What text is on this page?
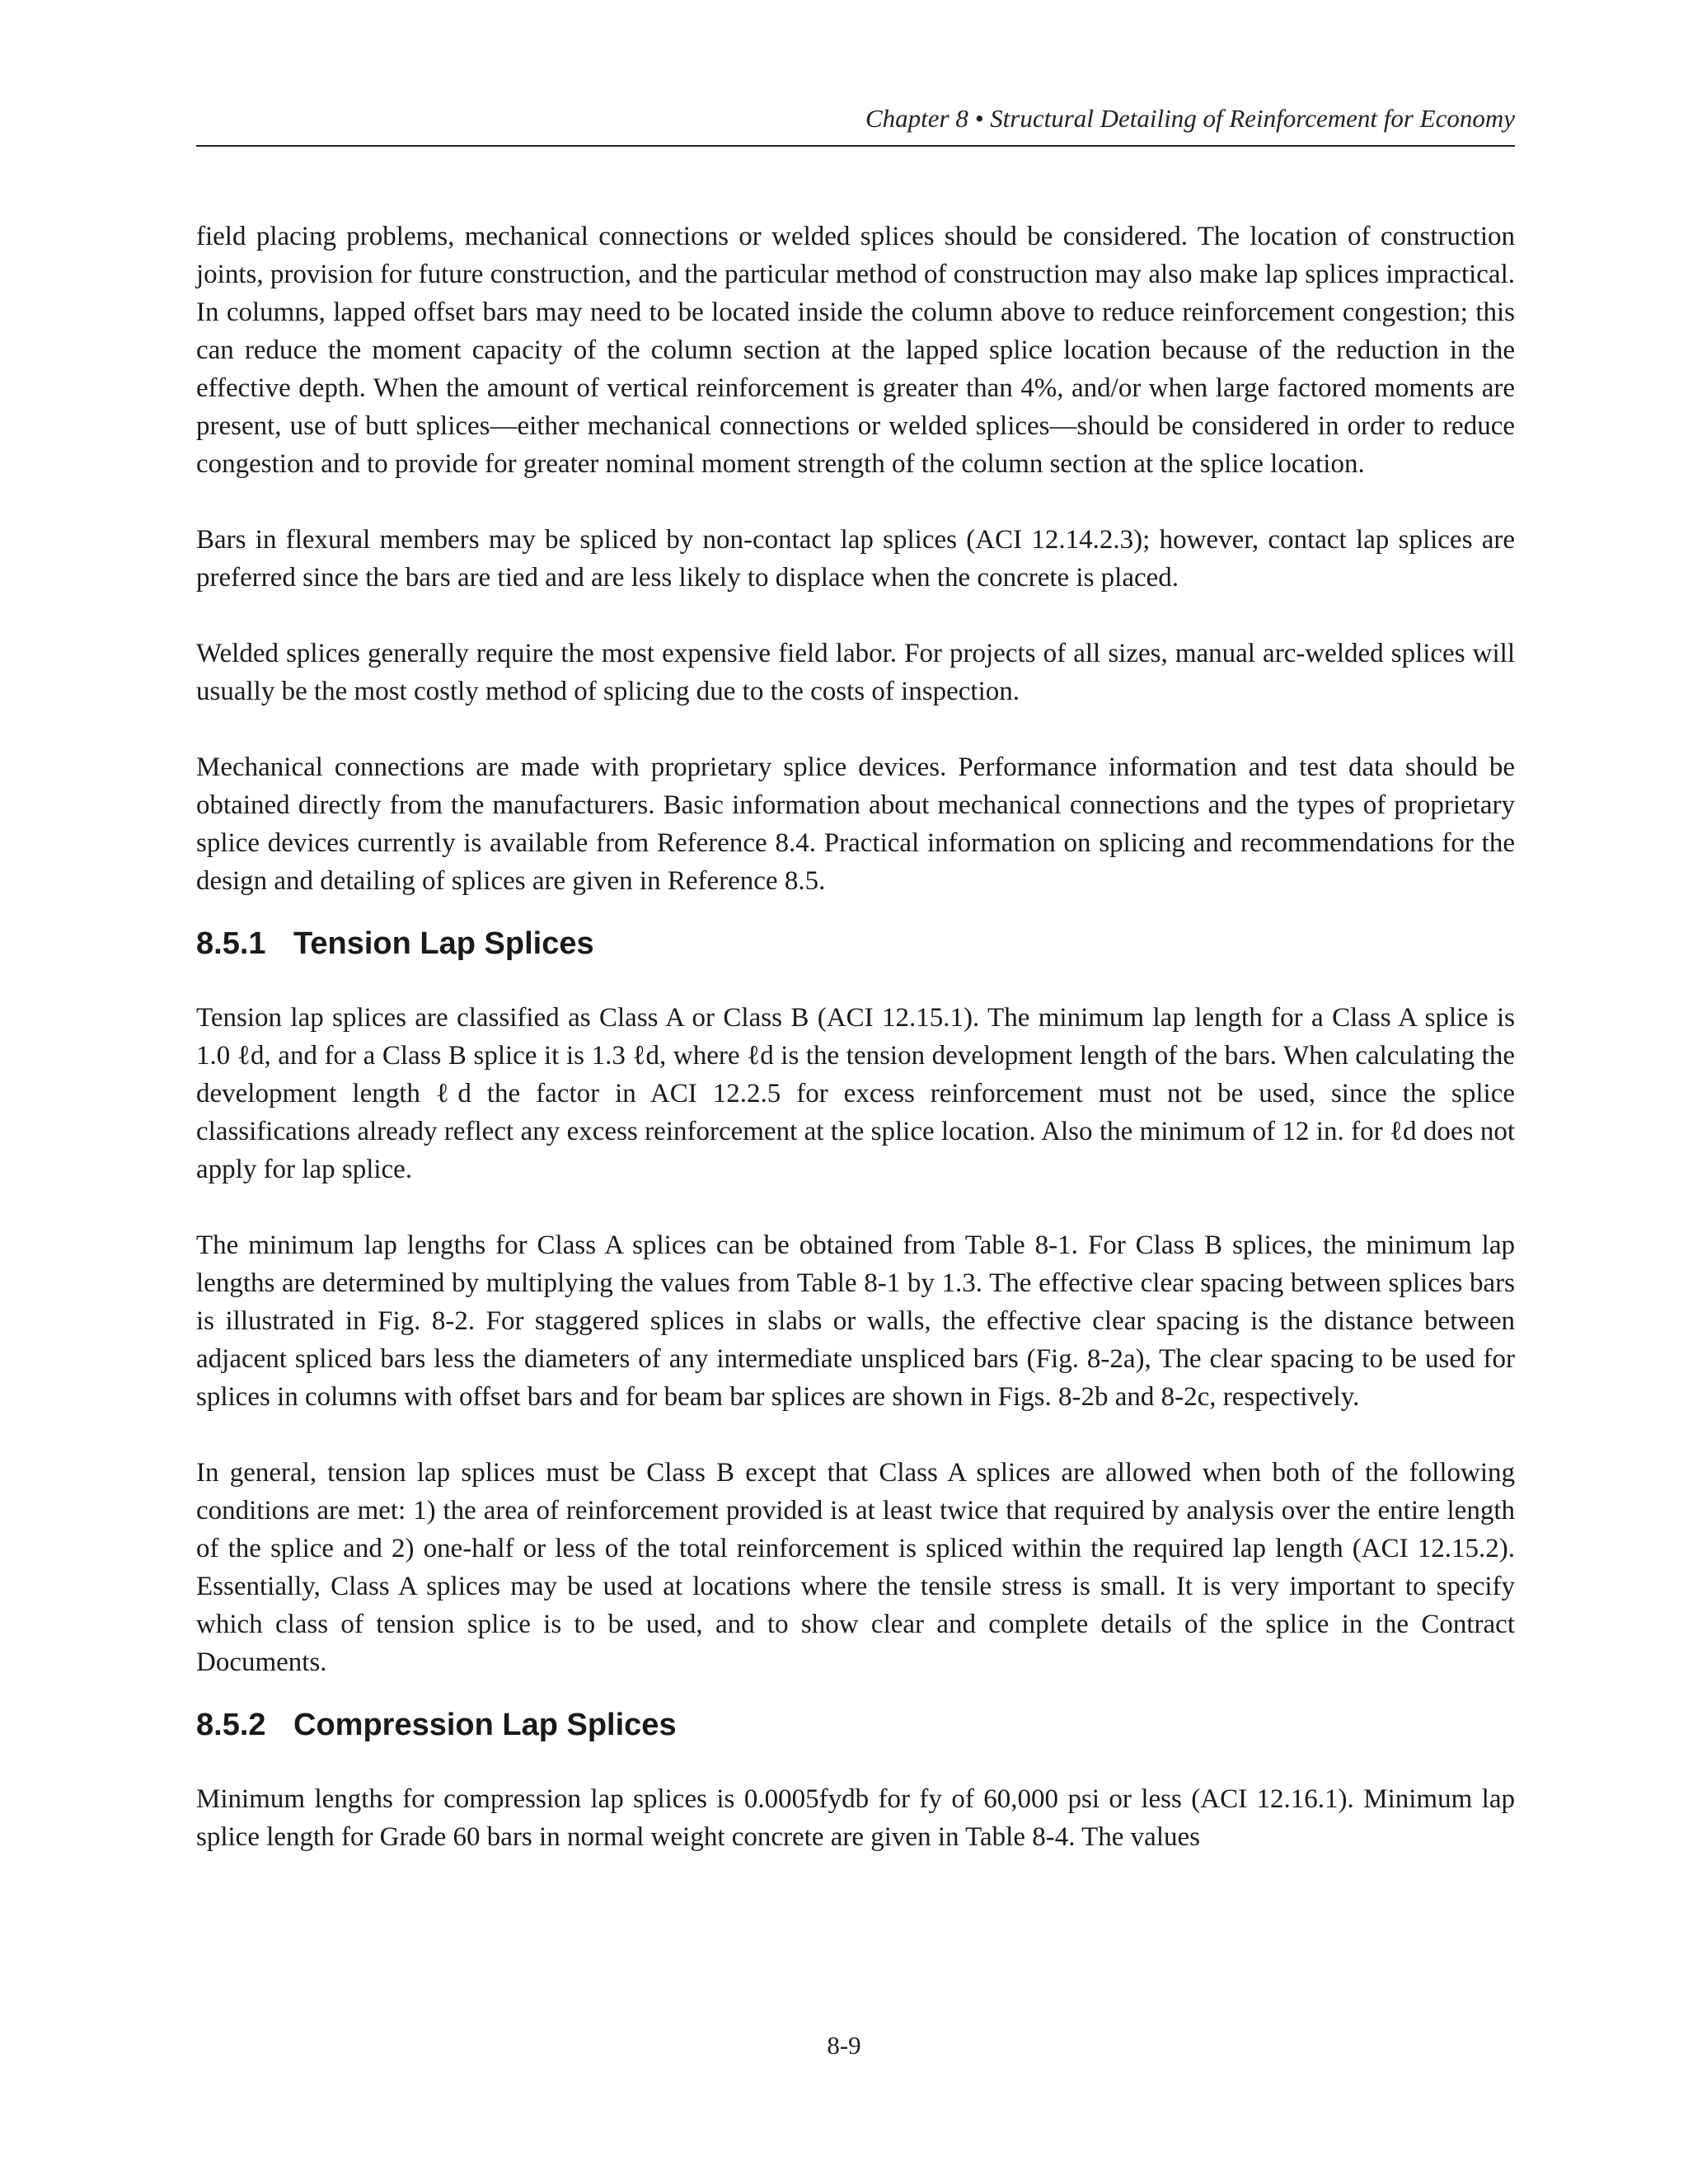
Chapter 8 • Structural Detailing of Reinforcement for Economy

field placing problems, mechanical connections or welded splices should be considered. The location of construction joints, provision for future construction, and the particular method of construction may also make lap splices impractical. In columns, lapped offset bars may need to be located inside the column above to reduce reinforcement congestion; this can reduce the moment capacity of the column section at the lapped splice location because of the reduction in the effective depth. When the amount of vertical reinforcement is greater than 4%, and/or when large factored moments are present, use of butt splices—either mechanical connections or welded splices—should be considered in order to reduce congestion and to provide for greater nominal moment strength of the column section at the splice location.

Bars in flexural members may be spliced by non-contact lap splices (ACI 12.14.2.3); however, contact lap splices are preferred since the bars are tied and are less likely to displace when the concrete is placed.

Welded splices generally require the most expensive field labor. For projects of all sizes, manual arc-welded splices will usually be the most costly method of splicing due to the costs of inspection.

Mechanical connections are made with proprietary splice devices. Performance information and test data should be obtained directly from the manufacturers. Basic information about mechanical connections and the types of proprietary splice devices currently is available from Reference 8.4. Practical information on splicing and recommendations for the design and detailing of splices are given in Reference 8.5.

8.5.1 Tension Lap Splices

Tension lap splices are classified as Class A or Class B (ACI 12.15.1). The minimum lap length for a Class A splice is 1.0 ℓd, and for a Class B splice it is 1.3 ℓd, where ℓd is the tension development length of the bars. When calculating the development length ℓd the factor in ACI 12.2.5 for excess reinforcement must not be used, since the splice classifications already reflect any excess reinforcement at the splice location. Also the minimum of 12 in. for ℓd does not apply for lap splice.

The minimum lap lengths for Class A splices can be obtained from Table 8-1. For Class B splices, the minimum lap lengths are determined by multiplying the values from Table 8-1 by 1.3. The effective clear spacing between splices bars is illustrated in Fig. 8-2. For staggered splices in slabs or walls, the effective clear spacing is the distance between adjacent spliced bars less the diameters of any intermediate unspliced bars (Fig. 8-2a), The clear spacing to be used for splices in columns with offset bars and for beam bar splices are shown in Figs. 8-2b and 8-2c, respectively.

In general, tension lap splices must be Class B except that Class A splices are allowed when both of the following conditions are met: 1) the area of reinforcement provided is at least twice that required by analysis over the entire length of the splice and 2) one-half or less of the total reinforcement is spliced within the required lap length (ACI 12.15.2). Essentially, Class A splices may be used at locations where the tensile stress is small. It is very important to specify which class of tension splice is to be used, and to show clear and complete details of the splice in the Contract Documents.

8.5.2 Compression Lap Splices

Minimum lengths for compression lap splices is 0.0005fydb for fy of 60,000 psi or less (ACI 12.16.1). Minimum lap splice length for Grade 60 bars in normal weight concrete are given in Table 8-4. The values

8-9
